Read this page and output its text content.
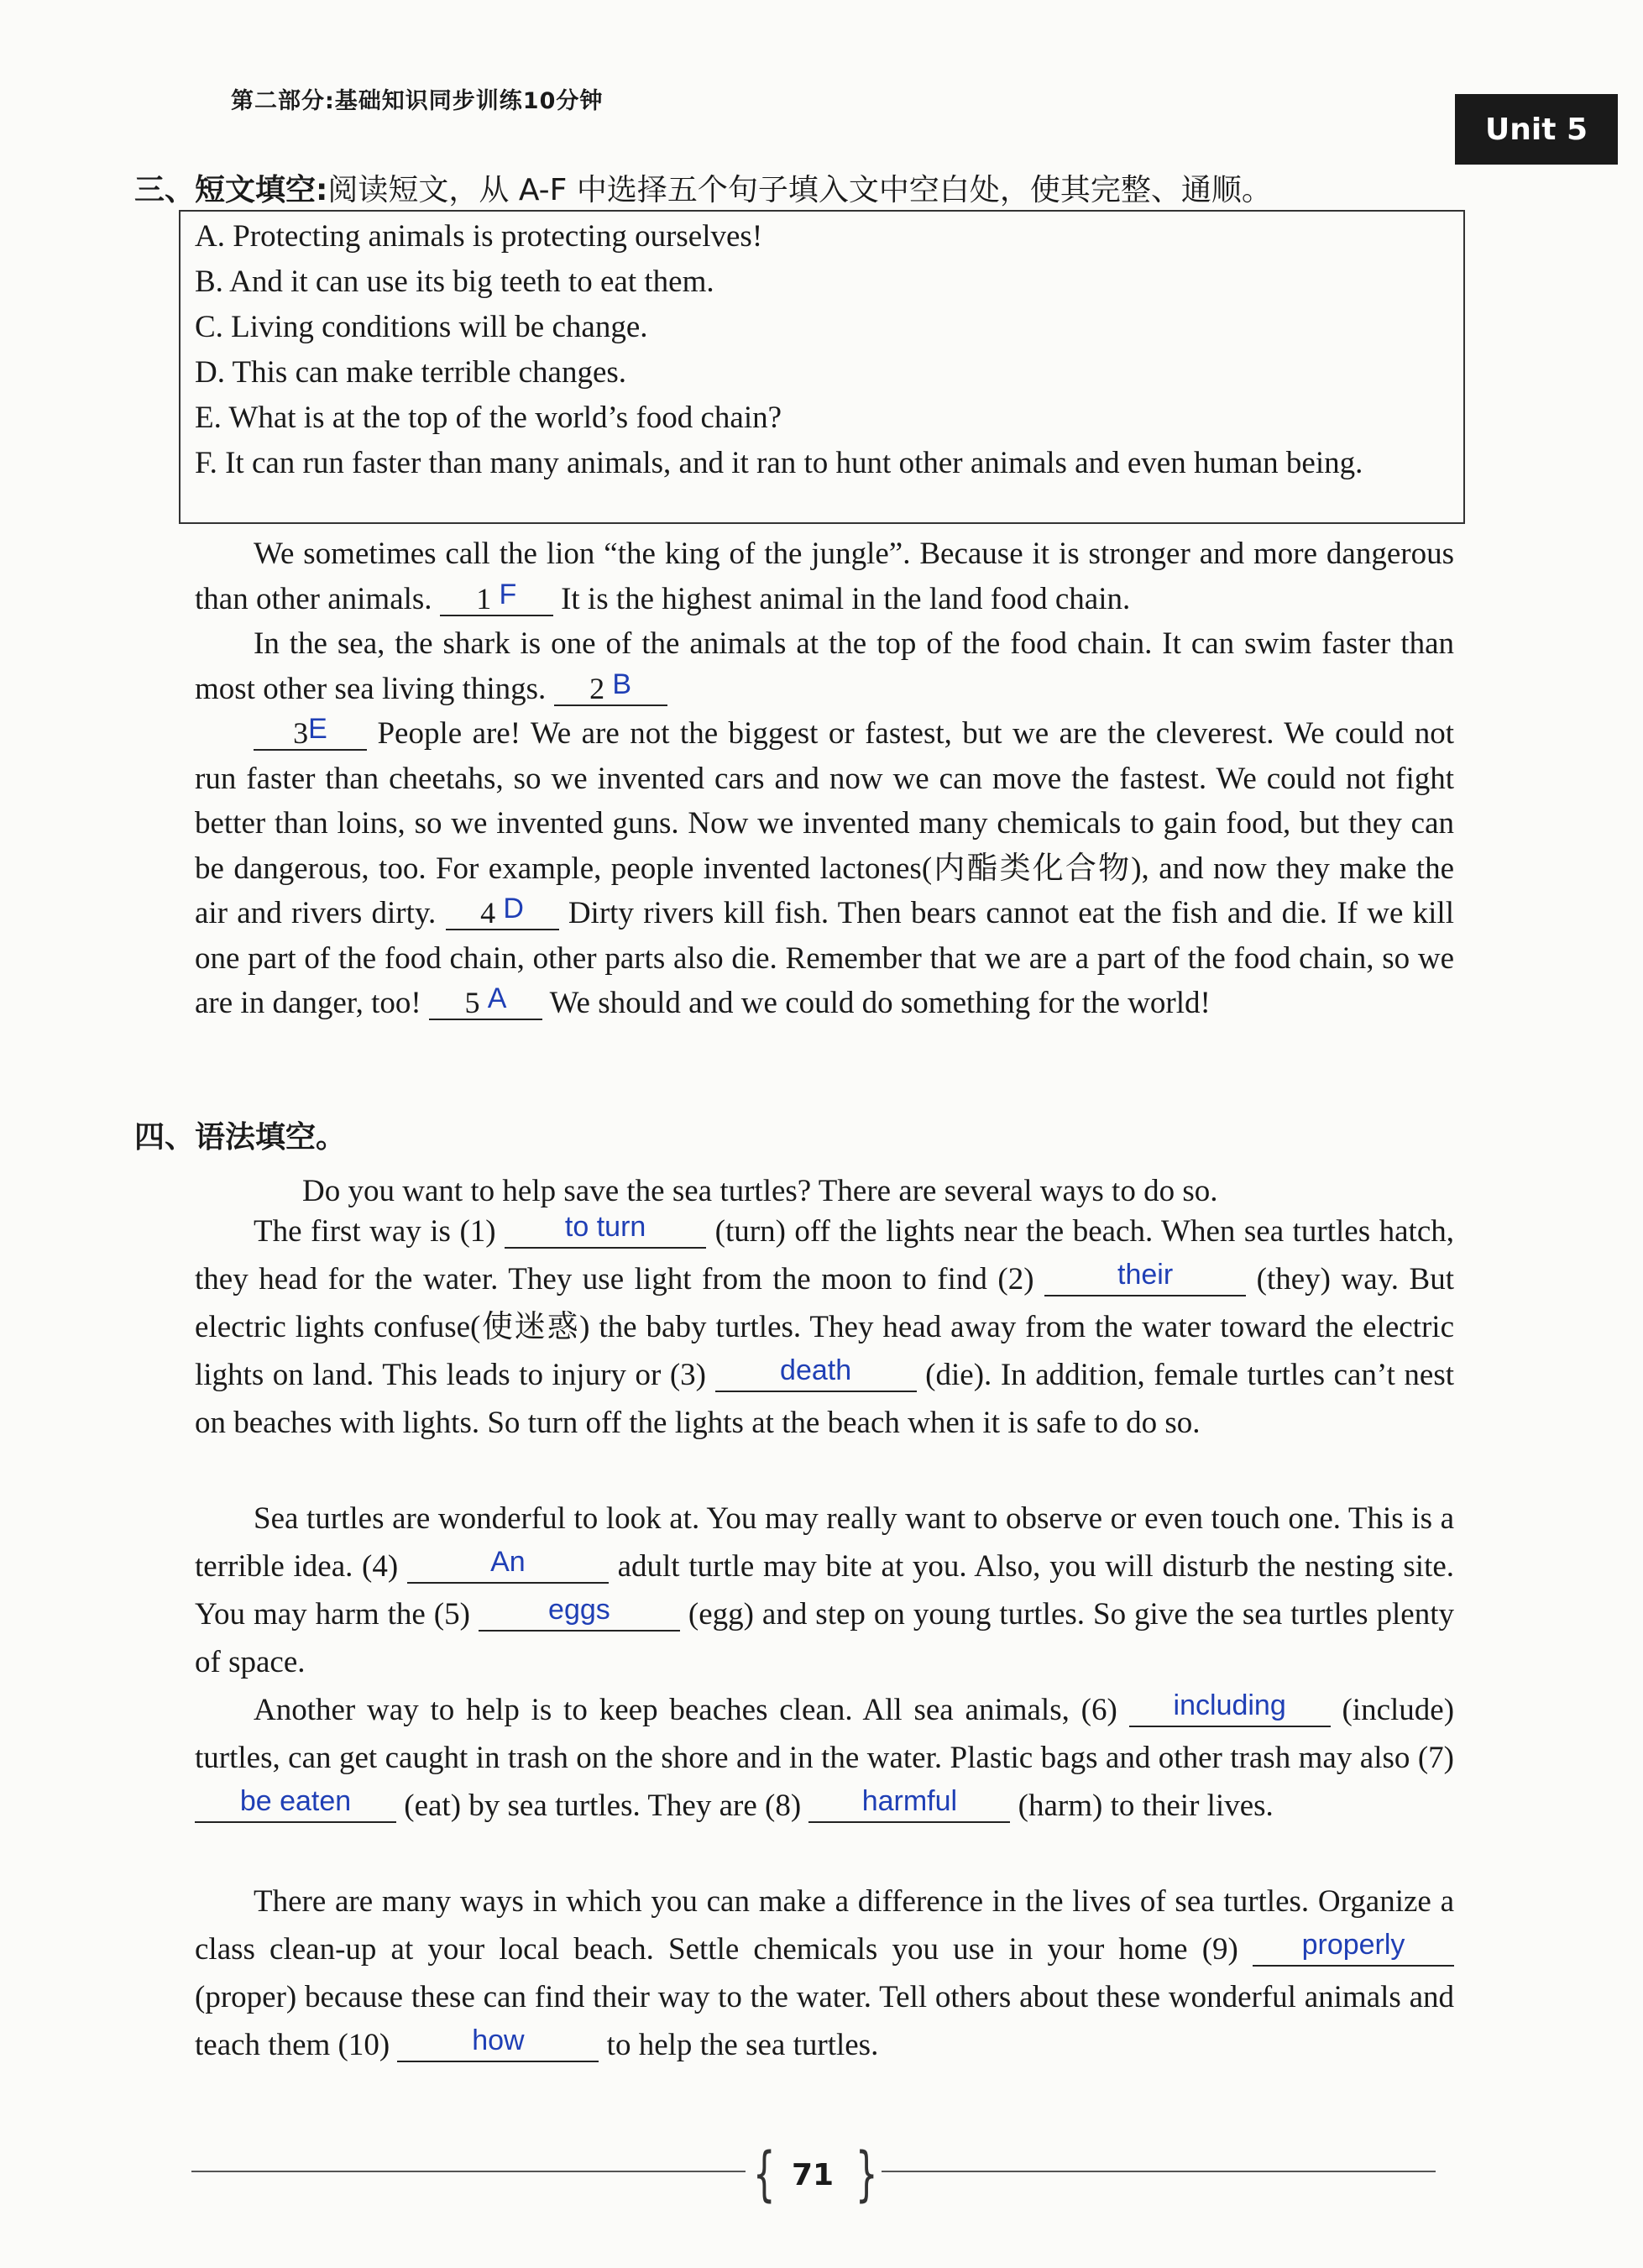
第二部分:基础知识同步训练10分钟
Unit 5
三、短文填空:阅读短文，从 A-F 中选择五个句子填入文中空白处，使其完整、通顺。
A. Protecting animals is protecting ourselves!
B. And it can use its big teeth to eat them.
C. Living conditions will be change.
D. This can make terrible changes.
E. What is at the top of the world’s food chain?
F. It can run faster than many animals, and it ran to hunt other animals and even human being.
We sometimes call the lion “the king of the jungle”. Because it is stronger and more dangerous than other animals. 1 F It is the highest animal in the land food chain.
In the sea, the shark is one of the animals at the top of the food chain. It can swim faster than most other sea living things. 2 B
3E People are! We are not the biggest or fastest, but we are the cleverest. We could not run faster than cheetahs, so we invented cars and now we can move the fastest. We could not fight better than loins, so we invented guns. Now we invented many chemicals to gain food, but they can be dangerous, too. For example, people invented lactones(内酯类化合物), and now they make the air and rivers dirty. 4 D Dirty rivers kill fish. Then bears cannot eat the fish and die. If we kill one part of the food chain, other parts also die. Remember that we are a part of the food chain, so we are in danger, too! 5 A We should and we could do something for the world!
四、语法填空。
Do you want to help save the sea turtles? There are several ways to do so.
The first way is (1) to turn (turn) off the lights near the beach. When sea turtles hatch, they head for the water. They use light from the moon to find (2)	their	(they) way. But electric lights confuse(使迷惑) the baby turtles. They head away from the water toward the electric lights on land. This leads to injury or (3)	death (die). In addition, female turtles can’t nest on beaches with lights. So turn off the lights at the beach when it is safe to do so.
Sea turtles are wonderful to look at. You may really want to observe or even touch one. This is a terrible idea. (4)	An	adult turtle may bite at you. Also, you will disturb the nesting site. You may harm the (5)	eggs	(egg) and step on young turtles. So give the sea turtles plenty of space.
Another way to help is to keep beaches clean. All sea animals, (6) including (include) turtles, can get caught in trash on the shore and in the water. Plastic bags and other trash may also (7) be eaten (eat) by sea turtles. They are (8) harmful (harm) to their lives.
There are many ways in which you can make a difference in the lives of sea turtles. Organize a class clean-up at your local beach. Settle chemicals you use in your home (9) properly (proper) because these can find their way to the water. Tell others about these wonderful animals and teach them (10)	how	to help the sea turtles.
{ }
71
